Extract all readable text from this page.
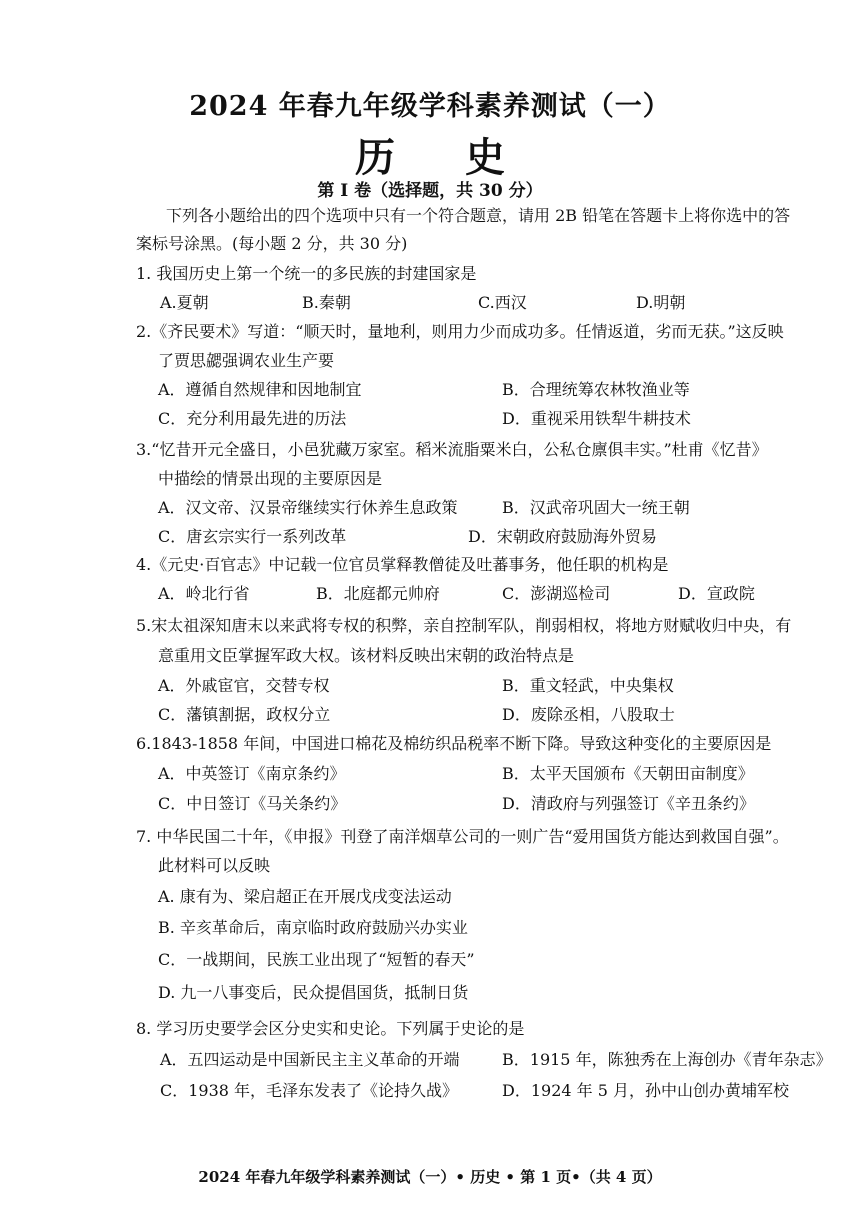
2024 年春九年级学科素养测试（一）
历 史
第 I 卷（选择题，共 30 分）
下列各小题给出的四个选项中只有一个符合题意，请用 2B 铅笔在答题卡上将你选中的答
案标号涂黑。(每小题 2 分，共 30 分)
1. 我国历史上第一个统一的多民族的封建国家是
A.夏朝	B.秦朝	C.西汉	D.明朝
2.《齐民要术》写道：“顺天时，量地利，则用力少而成功多。任情返道，劣而无获。”这反映
了贾思勰强调农业生产要
A．遵循自然规律和因地制宜	B．合理统筹农林牧渔业等
C．充分利用最先进的历法	D．重视采用铁犁牛耕技术
3.“忆昔开元全盛日，小邑犹藏万家室。稻米流脂粟米白，公私仓廪俱丰实。”杜甫《忆昔》
中描绘的情景出现的主要原因是
A．汉文帝、汉景帝继续实行休养生息政策	B．汉武帝巩固大一统王朝
C．唐玄宗实行一系列改革	D．宋朝政府鼓励海外贸易
4.《元史·百官志》中记载一位官员掌释教僧徒及吐蕃事务，他任职的机构是
A．岭北行省	B．北庭都元帅府	C．澎湖巡检司	D．宣政院
5.宋太祖深知唐末以来武将专权的积弊，亲自控制军队，削弱相权，将地方财赋收归中央，有
意重用文臣掌握军政大权。该材料反映出宋朝的政治特点是
A．外戚宦官，交替专权	B．重文轻武，中央集权
C．藩镇割据，政权分立	D．废除丞相，八股取士
6.1843-1858 年间，中国进口棉花及棉纺织品税率不断下降。导致这种变化的主要原因是
A．中英签订《南京条约》	B．太平天国颁布《天朝田亩制度》
C．中日签订《马关条约》	D．清政府与列强签订《辛丑条约》
7. 中华民国二十年，《申报》刊登了南洋烟草公司的一则广告“爱用国货方能达到救国自强”。
此材料可以反映
A. 康有为、梁启超正在开展戊戌变法运动
B. 辛亥革命后，南京临时政府鼓励兴办实业
C．一战期间，民族工业出现了“短暂的春天”
D. 九一八事变后，民众提倡国货，抵制日货
8. 学习历史要学会区分史实和史论。下列属于史论的是
A．五四运动是中国新民主主义革命的开端	B．1915 年，陈独秀在上海创办《青年杂志》
C．1938 年，毛泽东发表了《论持久战》	D．1924 年 5 月，孙中山创办黄埔军校
2024 年春九年级学科素养测试（一）• 历史 • 第 1 页•（共 4 页）
